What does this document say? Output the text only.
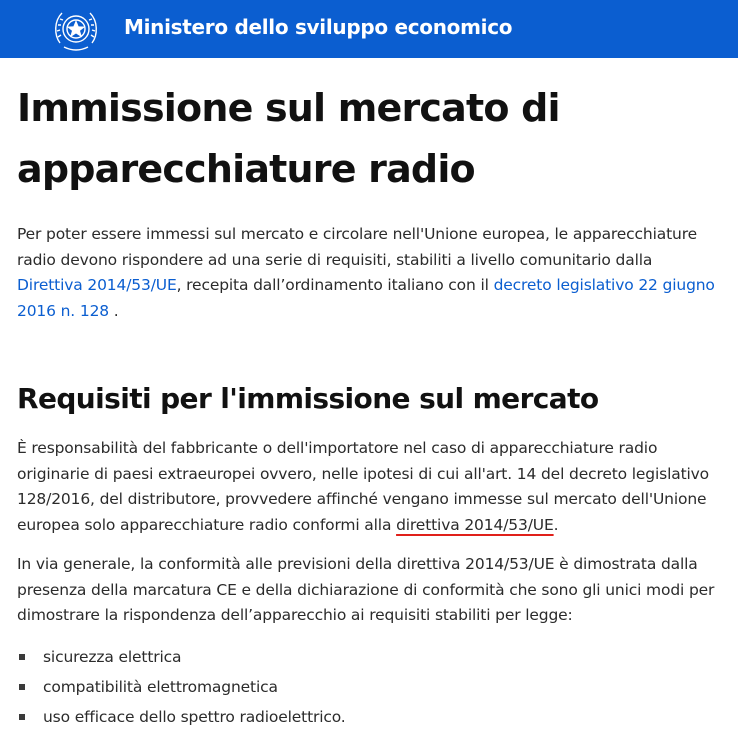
Ministero dello sviluppo economico
Immissione sul mercato di apparecchiature radio

Per poter essere immessi sul mercato e circolare nell'Unione europea, le apparecchiature radio devono rispondere ad una serie di requisiti, stabiliti a livello comunitario dalla Direttiva 2014/53/UE, recepita dall’ordinamento italiano con il decreto legislativo 22 giugno 2016 n. 128 .

Requisiti per l'immissione sul mercato

È responsabilità del fabbricante o dell'importatore nel caso di apparecchiature radio originarie di paesi extraeuropei ovvero, nelle ipotesi di cui all'art. 14 del decreto legislativo 128/2016, del distributore, provvedere affinché vengano immesse sul mercato dell'Unione europea solo apparecchiature radio conformi alla direttiva 2014/53/UE.

In via generale, la conformità alle previsioni della direttiva 2014/53/UE è dimostrata dalla presenza della marcatura CE e della dichiarazione di conformità che sono gli unici modi per dimostrare la rispondenza dell’apparecchio ai requisiti stabiliti per legge:

sicurezza elettrica
compatibilità elettromagnetica
uso efficace dello spettro radioelettrico.
